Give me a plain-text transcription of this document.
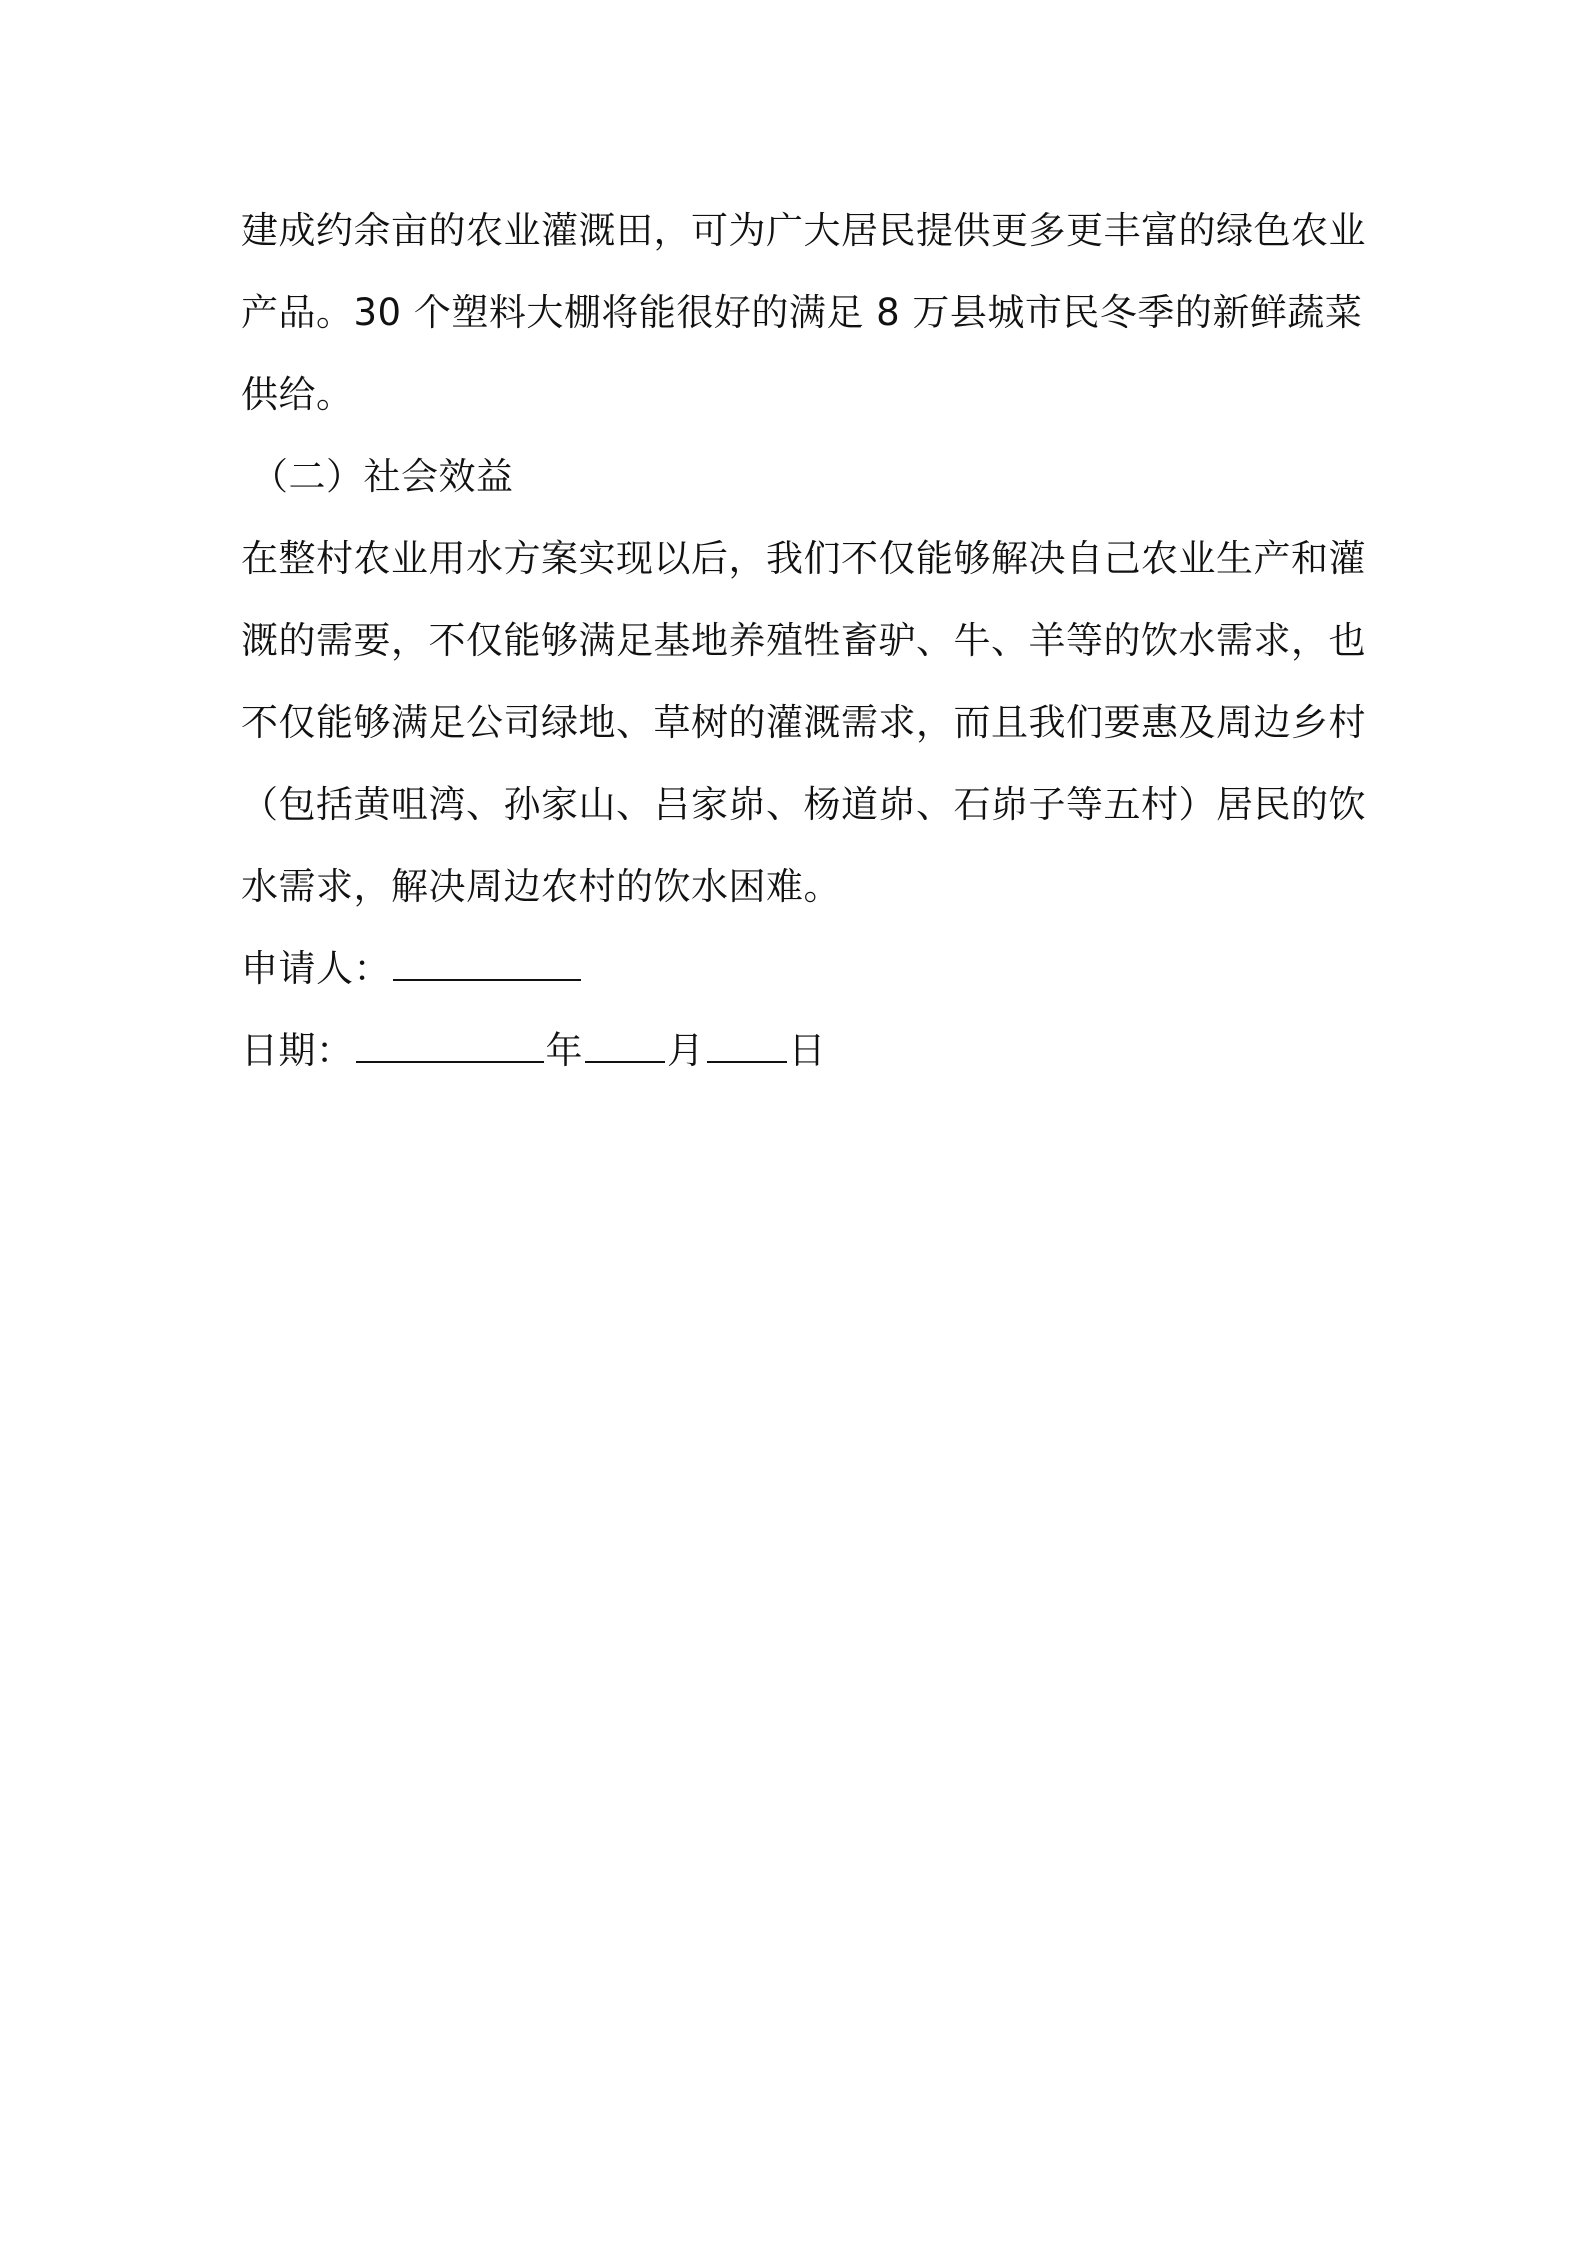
建成约余亩的农业灌溉田，可为广大居民提供更多更丰富的绿色农业
产品。30 个塑料大棚将能很好的满足 8 万县城市民冬季的新鲜蔬菜
供给。
（二）社会效益
在整村农业用水方案实现以后，我们不仅能够解决自己农业生产和灌
溉的需要，不仅能够满足基地养殖牲畜驴、牛、羊等的饮水需求，也
不仅能够满足公司绿地、草树的灌溉需求，而且我们要惠及周边乡村
（包括黄咀湾、孙家山、吕家峁、杨道峁、石峁子等五村）居民的饮
水需求，解决周边农村的饮水困难。
申请人：
日期：	年 月 日
